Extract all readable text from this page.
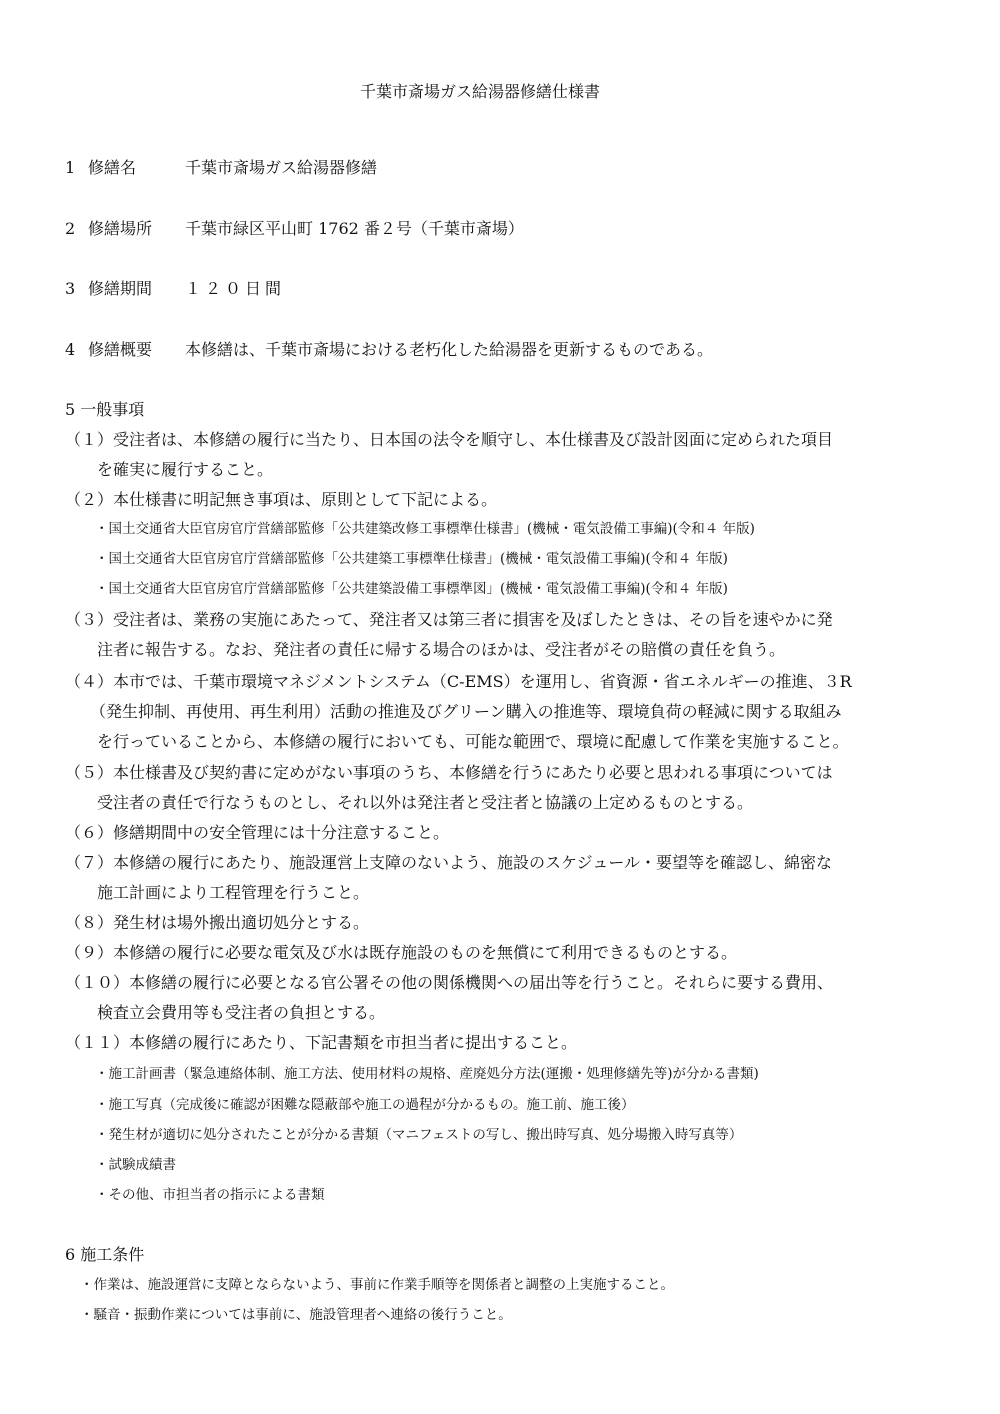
千葉市斎場ガス給湯器修繕仕様書
1 修繕名	千葉市斎場ガス給湯器修繕
2 修繕場所 千葉市緑区平山町 1762 番２号（千葉市斎場）
3 修繕期間 １２０日間
4 修繕概要 本修繕は、千葉市斎場における老朽化した給湯器を更新するものである。
5 一般事項
（１）受注者は、本修繕の履行に当たり、日本国の法令を順守し、本仕様書及び設計図面に定められた項目
を確実に履行すること。
（２）本仕様書に明記無き事項は、原則として下記による。
・国土交通省大臣官房官庁営繕部監修「公共建築改修工事標準仕様書」(機械・電気設備工事編)(令和４ 年版)
・国土交通省大臣官房官庁営繕部監修「公共建築工事標準仕様書」(機械・電気設備工事編)(令和４ 年版)
・国土交通省大臣官房官庁営繕部監修「公共建築設備工事標準図」(機械・電気設備工事編)(令和４ 年版)
（３）受注者は、業務の実施にあたって、発注者又は第三者に損害を及ぼしたときは、その旨を速やかに発
注者に報告する。なお、発注者の責任に帰する場合のほかは、受注者がその賠償の責任を負う。
（４）本市では、千葉市環境マネジメントシステム（C-EMS）を運用し、省資源・省エネルギーの推進、３R
（発生抑制、再使用、再生利用）活動の推進及びグリーン購入の推進等、環境負荷の軽減に関する取組み
を行っていることから、本修繕の履行においても、可能な範囲で、環境に配慮して作業を実施すること。
（５）本仕様書及び契約書に定めがない事項のうち、本修繕を行うにあたり必要と思われる事項については
受注者の責任で行なうものとし、それ以外は発注者と受注者と協議の上定めるものとする。
（６）修繕期間中の安全管理には十分注意すること。
（７）本修繕の履行にあたり、施設運営上支障のないよう、施設のスケジュール・要望等を確認し、綿密な
施工計画により工程管理を行うこと。
（８）発生材は場外搬出適切処分とする。
（９）本修繕の履行に必要な電気及び水は既存施設のものを無償にて利用できるものとする。
（１０）本修繕の履行に必要となる官公署その他の関係機関への届出等を行うこと。それらに要する費用、
検査立会費用等も受注者の負担とする。
（１１）本修繕の履行にあたり、下記書類を市担当者に提出すること。
・施工計画書（緊急連絡体制、施工方法、使用材料の規格、産廃処分方法(運搬・処理修繕先等)が分かる書類)
・施工写真（完成後に確認が困難な隠蔽部や施工の過程が分かるもの。施工前、施工後）
・発生材が適切に処分されたことが分かる書類（マニフェストの写し、搬出時写真、処分場搬入時写真等）
・試験成績書
・その他、市担当者の指示による書類
6 施工条件
・作業は、施設運営に支障とならないよう、事前に作業手順等を関係者と調整の上実施すること。
・騒音・振動作業については事前に、施設管理者へ連絡の後行うこと。
